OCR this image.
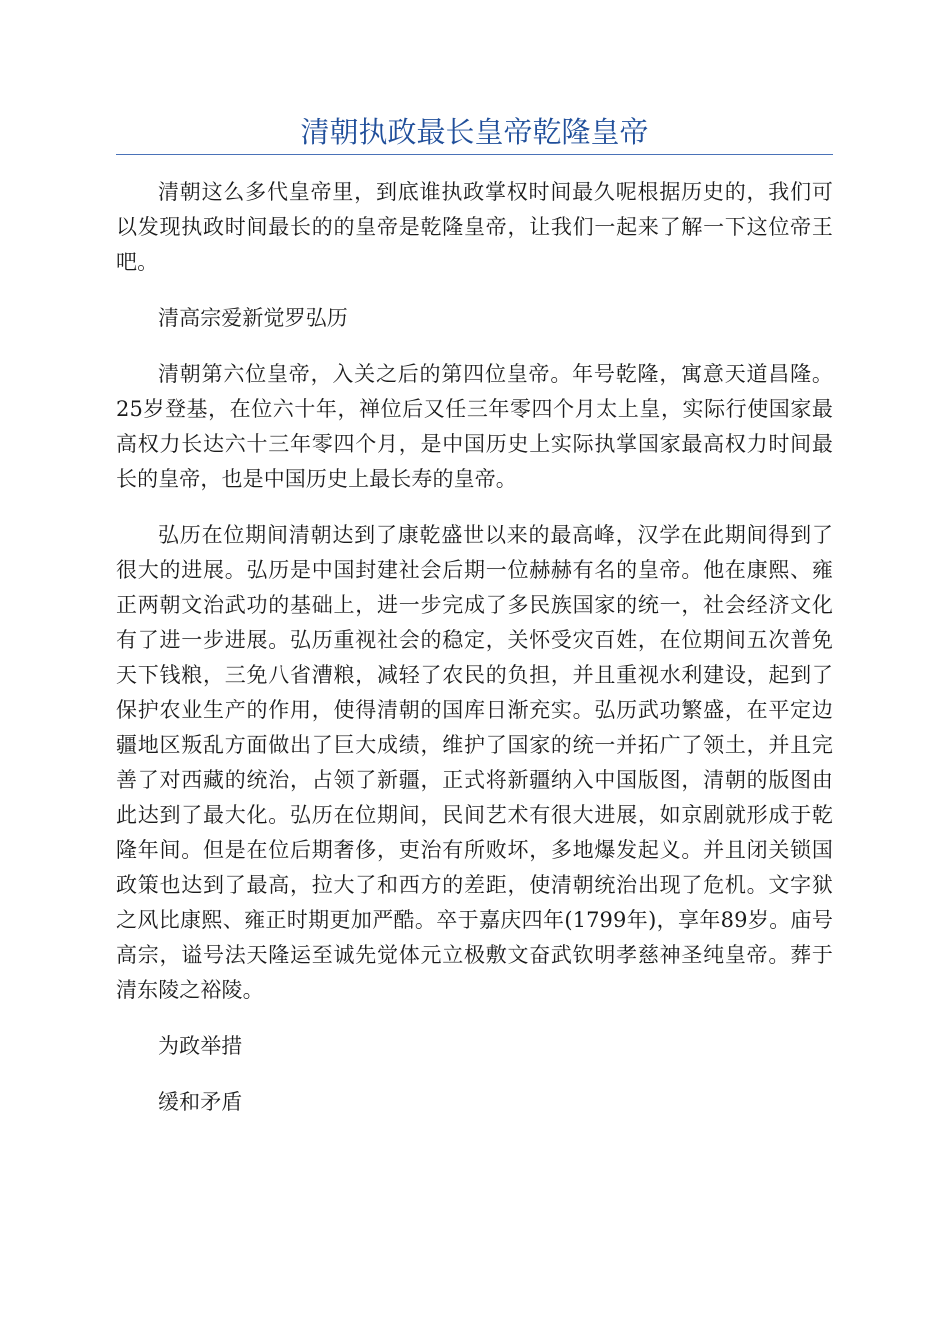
清朝执政最长皇帝乾隆皇帝

清朝这么多代皇帝里，到底谁执政掌权时间最久呢根据历史的，我们可以发现执政时间最长的的皇帝是乾隆皇帝，让我们一起来了解一下这位帝王吧。

清高宗爱新觉罗弘历

清朝第六位皇帝，入关之后的第四位皇帝。年号乾隆，寓意天道昌隆。25岁登基，在位六十年，禅位后又任三年零四个月太上皇，实际行使国家最高权力长达六十三年零四个月，是中国历史上实际执掌国家最高权力时间最长的皇帝，也是中国历史上最长寿的皇帝。

弘历在位期间清朝达到了康乾盛世以来的最高峰，汉学在此期间得到了很大的进展。弘历是中国封建社会后期一位赫赫有名的皇帝。他在康熙、雍正两朝文治武功的基础上，进一步完成了多民族国家的统一，社会经济文化有了进一步进展。弘历重视社会的稳定，关怀受灾百姓，在位期间五次普免天下钱粮，三免八省漕粮，减轻了农民的负担，并且重视水利建设，起到了保护农业生产的作用，使得清朝的国库日渐充实。弘历武功繁盛，在平定边疆地区叛乱方面做出了巨大成绩，维护了国家的统一并拓广了领土，并且完善了对西藏的统治，占领了新疆，正式将新疆纳入中国版图，清朝的版图由此达到了最大化。弘历在位期间，民间艺术有很大进展，如京剧就形成于乾隆年间。但是在位后期奢侈，吏治有所败坏，多地爆发起义。并且闭关锁国政策也达到了最高，拉大了和西方的差距，使清朝统治出现了危机。文字狱之风比康熙、雍正时期更加严酷。卒于嘉庆四年(1799年)，享年89岁。庙号高宗，谥号法天隆运至诚先觉体元立极敷文奋武钦明孝慈神圣纯皇帝。葬于清东陵之裕陵。

为政举措

缓和矛盾
